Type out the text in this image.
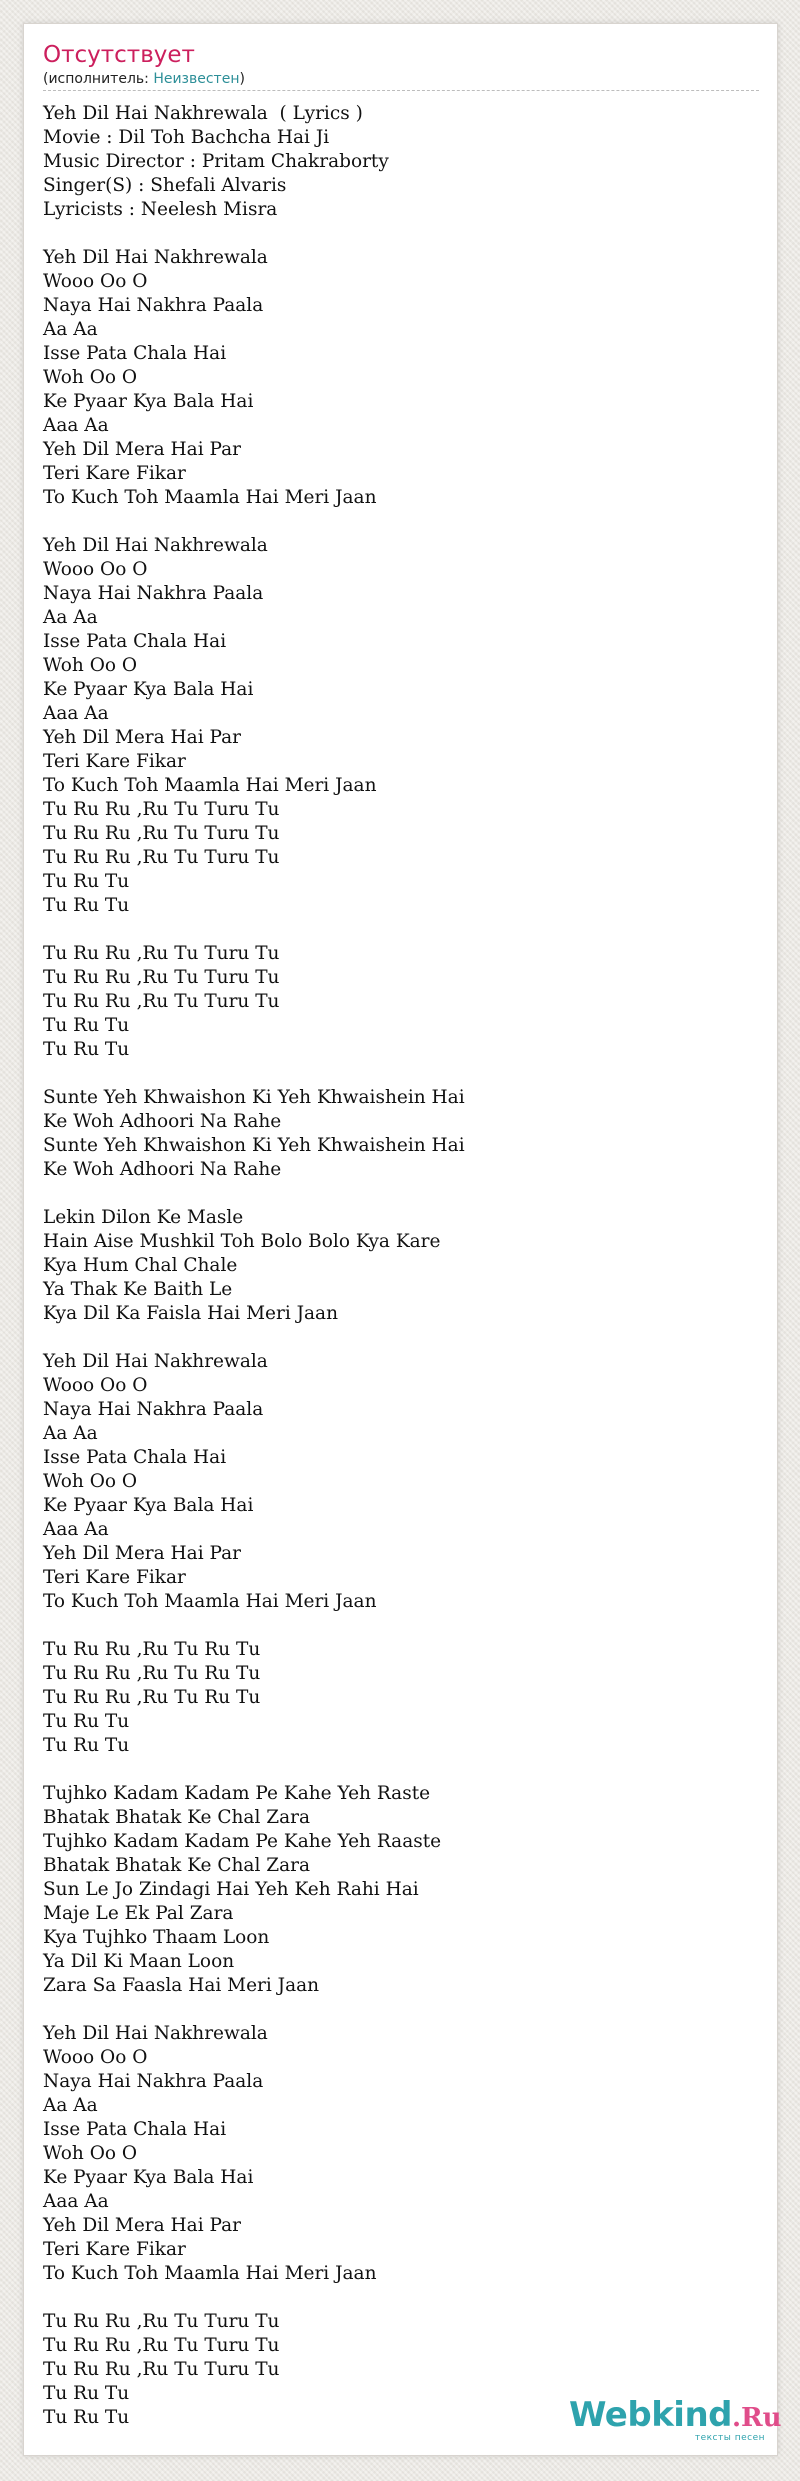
Отсутствует
(исполнитель: Неизвестен)
Yeh Dil Hai Nakhrewala  ( Lyrics )
Movie : Dil Toh Bachcha Hai Ji
Music Director : Pritam Chakraborty
Singer(S) : Shefali Alvaris
Lyricists : Neelesh Misra

Yeh Dil Hai Nakhrewala
Wooo Oo O
Naya Hai Nakhra Paala
Aa Aa
Isse Pata Chala Hai
Woh Oo O
Ke Pyaar Kya Bala Hai
Aaa Aa
Yeh Dil Mera Hai Par
Teri Kare Fikar
To Kuch Toh Maamla Hai Meri Jaan

Yeh Dil Hai Nakhrewala
Wooo Oo O
Naya Hai Nakhra Paala
Aa Aa
Isse Pata Chala Hai
Woh Oo O
Ke Pyaar Kya Bala Hai
Aaa Aa
Yeh Dil Mera Hai Par
Teri Kare Fikar
To Kuch Toh Maamla Hai Meri Jaan
Tu Ru Ru ,Ru Tu Turu Tu
Tu Ru Ru ,Ru Tu Turu Tu
Tu Ru Ru ,Ru Tu Turu Tu
Tu Ru Tu
Tu Ru Tu

Tu Ru Ru ,Ru Tu Turu Tu
Tu Ru Ru ,Ru Tu Turu Tu
Tu Ru Ru ,Ru Tu Turu Tu
Tu Ru Tu
Tu Ru Tu

Sunte Yeh Khwaishon Ki Yeh Khwaishein Hai
Ke Woh Adhoori Na Rahe
Sunte Yeh Khwaishon Ki Yeh Khwaishein Hai
Ke Woh Adhoori Na Rahe

Lekin Dilon Ke Masle
Hain Aise Mushkil Toh Bolo Bolo Kya Kare
Kya Hum Chal Chale
Ya Thak Ke Baith Le
Kya Dil Ka Faisla Hai Meri Jaan

Yeh Dil Hai Nakhrewala
Wooo Oo O
Naya Hai Nakhra Paala
Aa Aa
Isse Pata Chala Hai
Woh Oo O
Ke Pyaar Kya Bala Hai
Aaa Aa
Yeh Dil Mera Hai Par
Teri Kare Fikar
To Kuch Toh Maamla Hai Meri Jaan

Tu Ru Ru ,Ru Tu Ru Tu
Tu Ru Ru ,Ru Tu Ru Tu
Tu Ru Ru ,Ru Tu Ru Tu
Tu Ru Tu
Tu Ru Tu

Tujhko Kadam Kadam Pe Kahe Yeh Raste
Bhatak Bhatak Ke Chal Zara
Tujhko Kadam Kadam Pe Kahe Yeh Raaste
Bhatak Bhatak Ke Chal Zara
Sun Le Jo Zindagi Hai Yeh Keh Rahi Hai
Maje Le Ek Pal Zara
Kya Tujhko Thaam Loon
Ya Dil Ki Maan Loon
Zara Sa Faasla Hai Meri Jaan

Yeh Dil Hai Nakhrewala
Wooo Oo O
Naya Hai Nakhra Paala
Aa Aa
Isse Pata Chala Hai
Woh Oo O
Ke Pyaar Kya Bala Hai
Aaa Aa
Yeh Dil Mera Hai Par
Teri Kare Fikar
To Kuch Toh Maamla Hai Meri Jaan

Tu Ru Ru ,Ru Tu Turu Tu
Tu Ru Ru ,Ru Tu Turu Tu
Tu Ru Ru ,Ru Tu Turu Tu
Tu Ru Tu
Tu Ru Tu	Webkind.Ru
тексты песен
